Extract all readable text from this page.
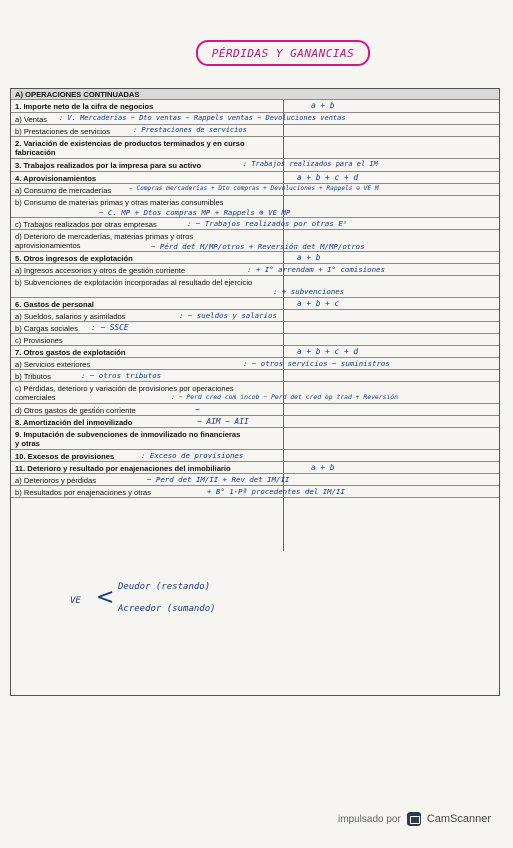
PÉRDIDAS Y GANANCIAS
A) OPERACIONES CONTINUADAS
1. Importe neto de la cifra de negocios	a + b
a) Ventas : V. Mercaderías − Dto ventas − Rappels ventas − Devoluciones ventas
b) Prestaciones de servicios	: Prestaciones de servicios
2. Variación de existencias de productos terminados y en curso fabricación
3. Trabajos realizados por la impresa para su activo	: Trabajos realizados para el IM
4. Aprovisionamientos	a + b + c + d
a) Consumo de mercaderías	− Compras mercaderías + Dto compras + Devoluciones + Rappels ⊖ VE M
b) Consumo de materias primas y otras materias consumibles
− C. MP + Dtos compras MP + Rappels ⊕ VE MP
c) Trabajos realizados por otras empresas	: − Trabajos realizados por otras Eˢ
d) Deterioro de mercaderías, materias primas y otros aprovisionamientos	− Pérd det M/MP/otros + Reversión det M/MP/otros
5. Otros ingresos de explotación	a + b
a) Ingresos accesorios y otros de gestión corriente	: + I° arrendam + I° comisiones
b) Subvenciones de explotación incorporadas al resultado del ejercicio
: + subvenciones
6. Gastos de personal	a + b + c
a) Sueldos, salarios y asimilados	: − sueldos y salarios
b) Cargas sociales : − SSCE
c) Provisiones
7. Otros gastos de explotación	a + b + c + d
a) Servicios exteriores	: − otros servicios − suministros
b) Tributos	: − otros tributos
c) Pérdidas, deterioro y variación de provisiones por operaciones comerciales	: − Perd cred com incob − Perd det cred op trad + Reversión
d) Otros gastos de gestión corriente	−
8. Amortización del inmovilizado	− AIM − AII
9. Imputación de subvenciones de inmovilizado no financieras y otras
10. Excesos de provisiones	: Exceso de provisiones
11. Deterioro y resultado por enajenaciones del inmobiliario	a + b
a) Deterioros y pérdidas	− Perd det IM/II + Rev det IM/II
b) Resultados por enajenaciones y otras	+ B° 1-Pª procedentes del IM/II
VE < Deudor (restando)
Acreedor (sumando)
impulsado por CamScanner
